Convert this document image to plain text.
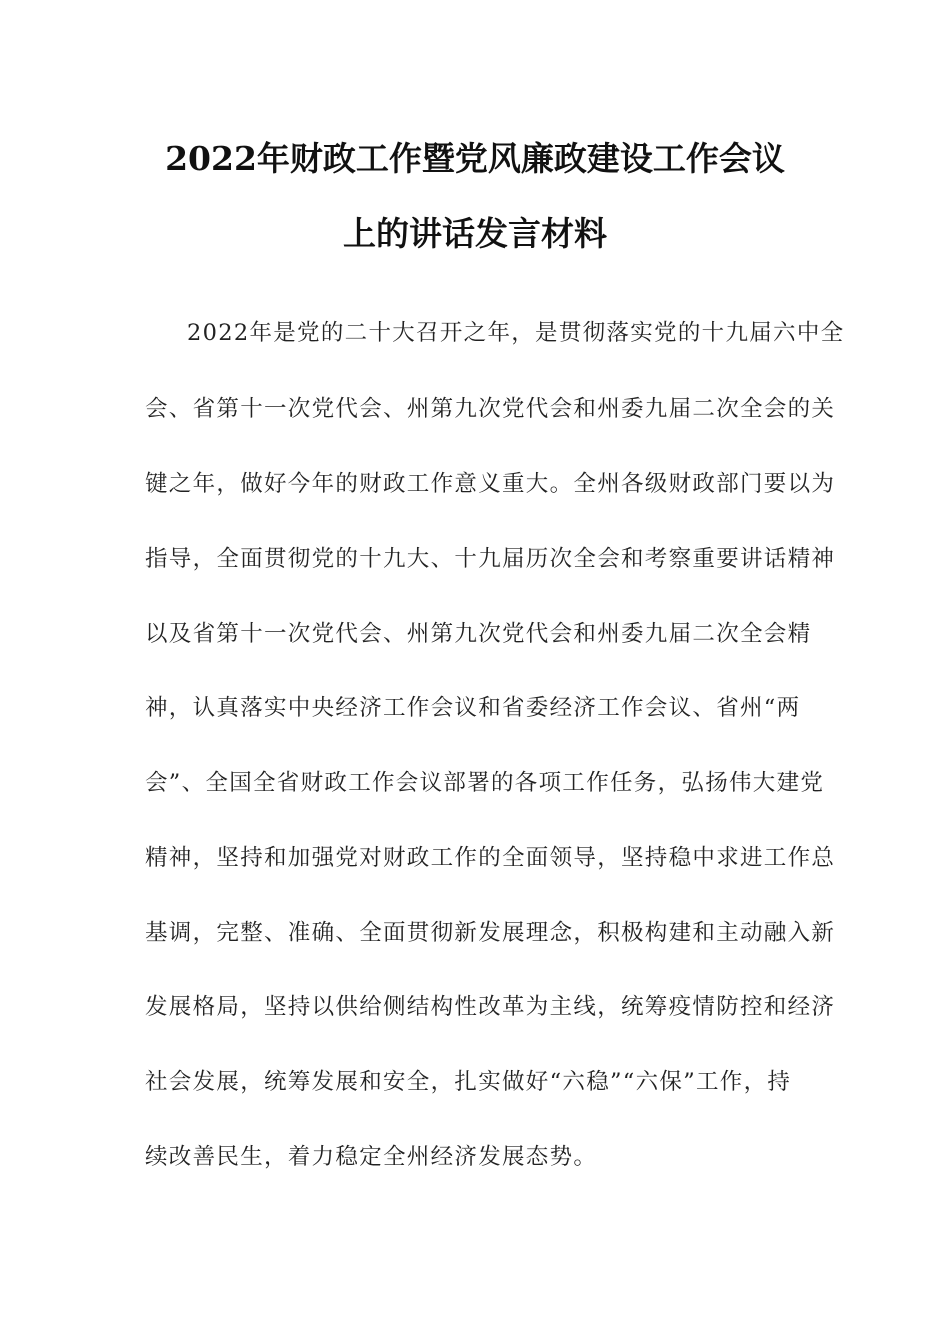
2022年财政工作暨党风廉政建设工作会议
上的讲话发言材料
2022年是党的二十大召开之年，是贯彻落实党的十九届六中全
会、省第十一次党代会、州第九次党代会和州委九届二次全会的关
键之年，做好今年的财政工作意义重大。全州各级财政部门要以为
指导，全面贯彻党的十九大、十九届历次全会和考察重要讲话精神
以及省第十一次党代会、州第九次党代会和州委九届二次全会精
神，认真落实中央经济工作会议和省委经济工作会议、省州“两
会”、全国全省财政工作会议部署的各项工作任务，弘扬伟大建党
精神，坚持和加强党对财政工作的全面领导，坚持稳中求进工作总
基调，完整、准确、全面贯彻新发展理念，积极构建和主动融入新
发展格局，坚持以供给侧结构性改革为主线，统筹疫情防控和经济
社会发展，统筹发展和安全，扎实做好“六稳”“六保”工作，持
续改善民生，着力稳定全州经济发展态势。
